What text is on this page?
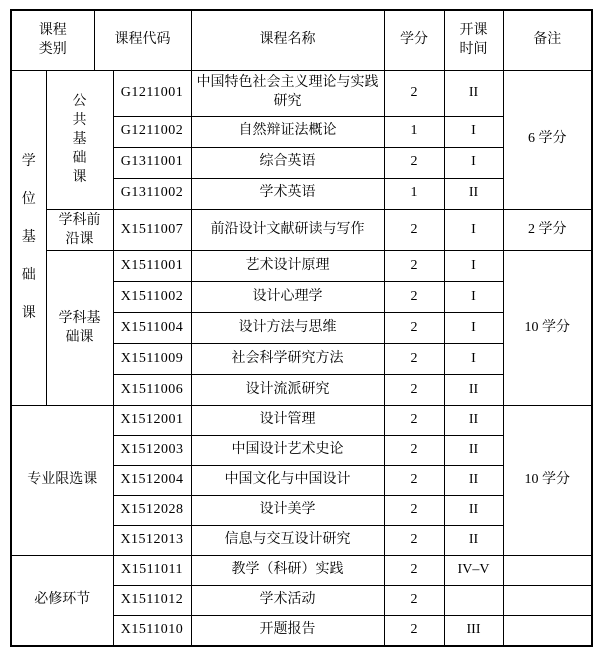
课程类别		课程代码		课程名称	学分	开课时间	备注
学位基础课	公共基础课		G1211001	中国特色社会主义理论与实践研究	2	II	6 学分
			G1211002	自然辩证法概论	1	I	
			G1311001	综合英语	2	I	
			G1311002	学术英语	1	II	
	学科前沿课		X1511007	前沿设计文献研读与写作	2	I	2 学分
	学科基础课		X1511001	艺术设计原理	2	I	10 学分
			X1511002	设计心理学	2	I	
			X1511004	设计方法与思维	2	I	
			X1511009	社会科学研究方法	2	I	
			X1511006	设计流派研究	2	II	
专业限选课			X1512001	设计管理	2	II	10 学分
			X1512003	中国设计艺术史论	2	II	
			X1512004	中国文化与中国设计	2	II	
			X1512028	设计美学	2	II	
			X1512013	信息与交互设计研究	2	II	
必修环节			X1511011	教学（科研）实践	2	IV–V	
			X1511012	学术活动	2		
			X1511010	开题报告	2	III	
